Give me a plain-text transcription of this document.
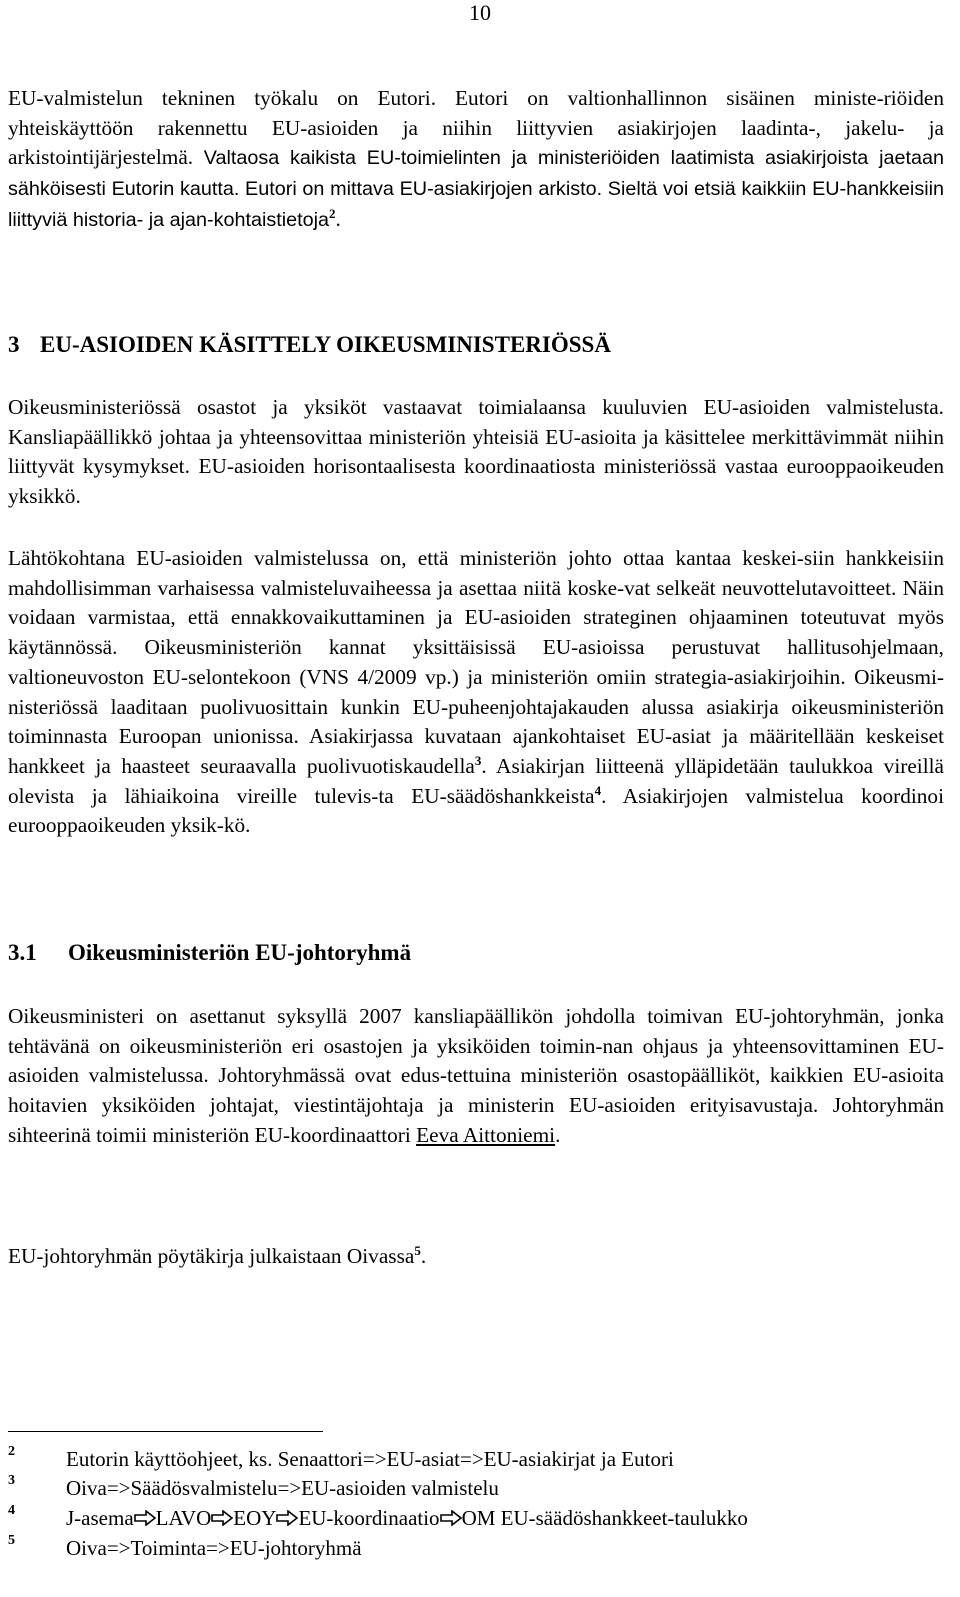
10

EU-valmistelun tekninen työkalu on Eutori. Eutori on valtionhallinnon sisäinen ministe-riöiden yhteiskäyttöön rakennettu EU-asioiden ja niihin liittyvien asiakirjojen laadinta-, jakelu- ja arkistointijärjestelmä. Valtaosa kaikista EU-toimielinten ja ministeriöiden laatimista asiakirjoista jaetaan sähköisesti Eutorin kautta. Eutori on mittava EU-asiakirjojen arkisto. Sieltä voi etsiä kaikkiin EU-hankkeisiin liittyviä historia- ja ajan-kohtaistietoja$^2$.

3 EU-ASIOIDEN KÄSITTELY OIKEUSMINISTERIÖSSÄ

Oikeusministeriössä osastot ja yksiköt vastaavat toimialaansa kuuluvien EU-asioiden valmistelusta. Kansliapäällikkö johtaa ja yhteensovittaa ministeriön yhteisiä EU-asioita ja käsittelee merkittävimmät niihin liittyvät kysymykset. EU-asioiden horisontaalisesta koordinaatiosta ministeriössä vastaa eurooppaoikeuden yksikkö.

Lähtökohtana EU-asioiden valmistelussa on, että ministeriön johto ottaa kantaa keskei-siin hankkeisiin mahdollisimman varhaisessa valmisteluvaiheessa ja asettaa niitä koske-vat selkeät neuvottelutavoitteet. Näin voidaan varmistaa, että ennakkovaikuttaminen ja EU-asioiden strateginen ohjaaminen toteutuvat myös käytännössä. Oikeusministeriön kannat yksittäisissä EU-asioissa perustuvat hallitusohjelmaan, valtioneuvoston EU-selontekoon (VNS 4/2009 vp.) ja ministeriön omiin strategia-asiakirjoihin. Oikeusmi-nisteriössä laaditaan puolivuosittain kunkin EU-puheenjohtajakauden alussa asiakirja oikeusministeriön toiminnasta Euroopan unionissa. Asiakirjassa kuvataan ajankohtaiset EU-asiat ja määritellään keskeiset hankkeet ja haasteet seuraavalla puolivuotiskaudella$^3$. Asiakirjan liitteenä ylläpidetään taulukkoa vireillä olevista ja lähiaikoina vireille tulevis-ta EU-säädöshankkeista$^4$. Asiakirjojen valmistelua koordinoi eurooppaoikeuden yksik-kö.

3.1 Oikeusministeriön EU-johtoryhmä

Oikeusministeri on asettanut syksyllä 2007 kansliapäällikön johdolla toimivan EU-johtoryhmän, jonka tehtävänä on oikeusministeriön eri osastojen ja yksiköiden toimin-nan ohjaus ja yhteensovittaminen EU-asioiden valmistelussa. Johtoryhmässä ovat edus-tettuina ministeriön osastopäälliköt, kaikkien EU-asioita hoitavien yksiköiden johtajat, viestintäjohtaja ja ministerin EU-asioiden erityisavustaja. Johtoryhmän sihteerinä toimii ministeriön EU-koordinaattori Eeva Aittoniemi.

EU-johtoryhmän pöytäkirja julkaistaan Oivassa$^5$.

2 Eutorin käyttöohjeet, ks. Senaattori=>EU-asiat=>EU-asiakirjat ja Eutori
3 Oiva=>Säädösvalmistelu=>EU-asioiden valmistelu
4 J-asema LAVO EOY EU-koordinaatio OM EU-säädöshankkeet-taulukko
5 Oiva=>Toiminta=>EU-johtoryhmä
